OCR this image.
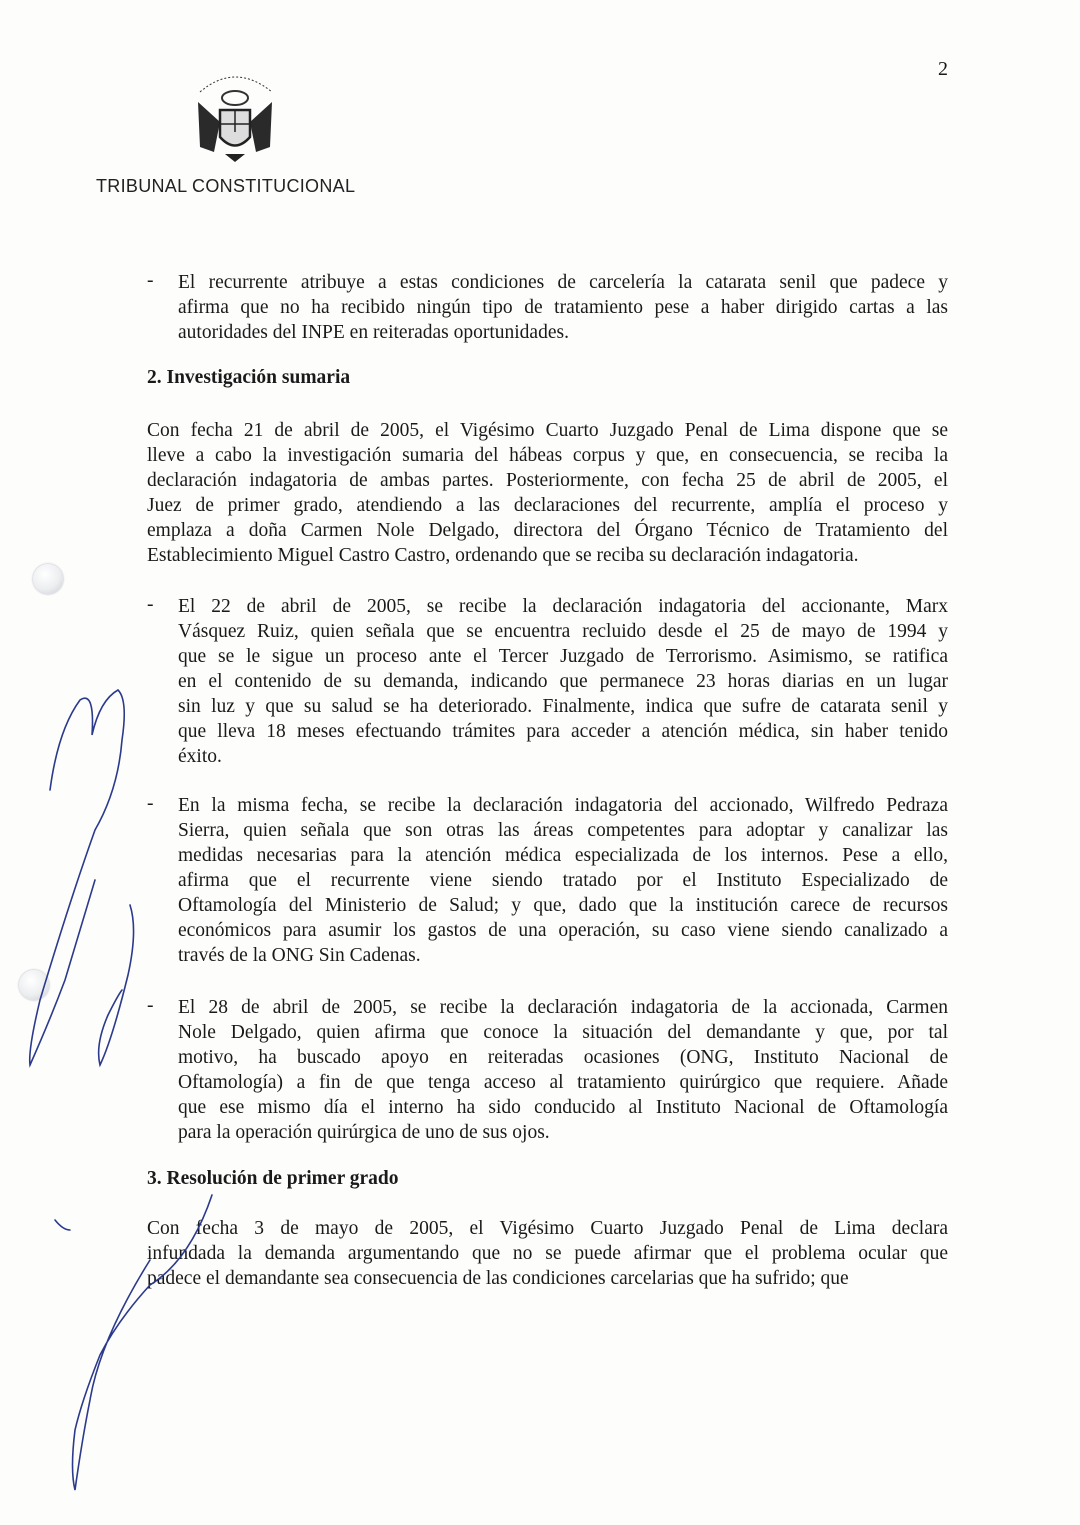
2
TRIBUNAL CONSTITUCIONAL
- El recurrente atribuye a estas condiciones de carcelería la catarata senil que padece y
afirma que no ha recibido ningún tipo de tratamiento pese a haber dirigido cartas a las
autoridades del INPE en reiteradas oportunidades.
2. Investigación sumaria
Con fecha 21 de abril de 2005, el Vigésimo Cuarto Juzgado Penal de Lima dispone que se
lleve a cabo la investigación sumaria del hábeas corpus y que, en consecuencia, se reciba la
declaración indagatoria de ambas partes. Posteriormente, con fecha 25 de abril de 2005, el
Juez de primer grado, atendiendo a las declaraciones del recurrente, amplía el proceso y
emplaza a doña Carmen Nole Delgado, directora del Órgano Técnico de Tratamiento del
Establecimiento Miguel Castro Castro, ordenando que se reciba su declaración indagatoria.
- El 22 de abril de 2005, se recibe la declaración indagatoria del accionante, Marx
Vásquez Ruiz, quien señala que se encuentra recluido desde el 25 de mayo de 1994 y
que se le sigue un proceso ante el Tercer Juzgado de Terrorismo. Asimismo, se ratifica
en el contenido de su demanda, indicando que permanece 23 horas diarias en un lugar
sin luz y que su salud se ha deteriorado. Finalmente, indica que sufre de catarata senil y
que lleva 18 meses efectuando trámites para acceder a atención médica, sin haber tenido
éxito.
- En la misma fecha, se recibe la declaración indagatoria del accionado, Wilfredo Pedraza
Sierra, quien señala que son otras las áreas competentes para adoptar y canalizar las
medidas necesarias para la atención médica especializada de los internos. Pese a ello,
afirma que el recurrente viene siendo tratado por el Instituto Especializado de
Oftamología del Ministerio de Salud; y que, dado que la institución carece de recursos
económicos para asumir los gastos de una operación, su caso viene siendo canalizado a
través de la ONG Sin Cadenas.
- El 28 de abril de 2005, se recibe la declaración indagatoria de la accionada, Carmen
Nole Delgado, quien afirma que conoce la situación del demandante y que, por tal
motivo, ha buscado apoyo en reiteradas ocasiones (ONG, Instituto Nacional de
Oftamología) a fin de que tenga acceso al tratamiento quirúrgico que requiere. Añade
que ese mismo día el interno ha sido conducido al Instituto Nacional de Oftamología
para la operación quirúrgica de uno de sus ojos.
3. Resolución de primer grado
Con fecha 3 de mayo de 2005, el Vigésimo Cuarto Juzgado Penal de Lima declara
infundada la demanda argumentando que no se puede afirmar que el problema ocular que
padece el demandante sea consecuencia de las condiciones carcelarias que ha sufrido; que
